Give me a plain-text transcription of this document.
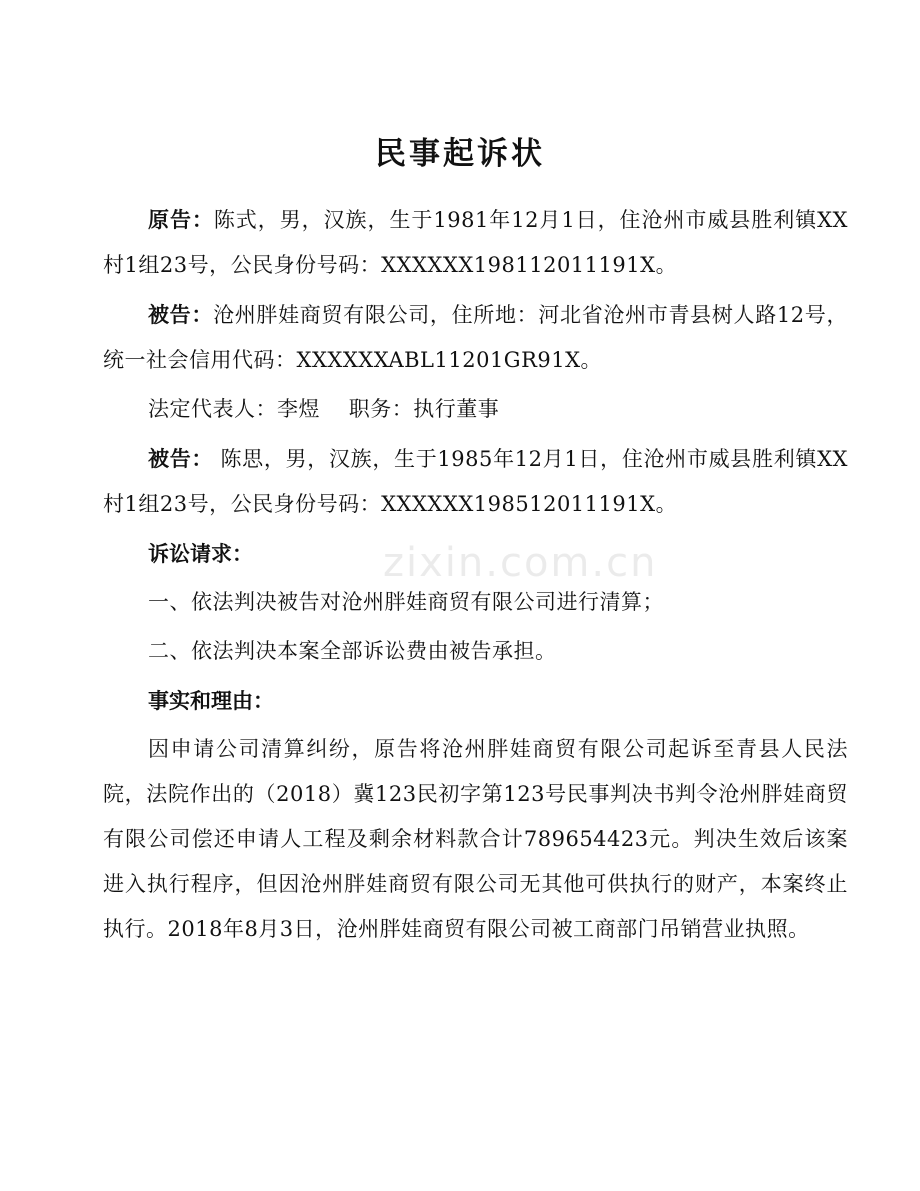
民事起诉状

原告：陈式，男，汉族，生于1981年12月1日，住沧州市威县胜利镇XX村1组23号，公民身份号码：XXXXXX198112011191X。

被告：沧州胖娃商贸有限公司，住所地：河北省沧州市青县树人路12号，统一社会信用代码：XXXXXXABL11201GR91X。

法定代表人：李煜    职务：执行董事

被告： 陈思，男，汉族，生于1985年12月1日，住沧州市威县胜利镇XX村1组23号，公民身份号码：XXXXXX198512011191X。

诉讼请求：

一、依法判决被告对沧州胖娃商贸有限公司进行清算；

二、依法判决本案全部诉讼费由被告承担。

事实和理由：

因申请公司清算纠纷，原告将沧州胖娃商贸有限公司起诉至青县人民法院，法院作出的（2018）冀123民初字第123号民事判决书判令沧州胖娃商贸有限公司偿还申请人工程及剩余材料款合计789654423元。判决生效后该案进入执行程序，但因沧州胖娃商贸有限公司无其他可供执行的财产，本案终止执行。2018年8月3日，沧州胖娃商贸有限公司被工商部门吊销营业执照。

zixin.com.cn
